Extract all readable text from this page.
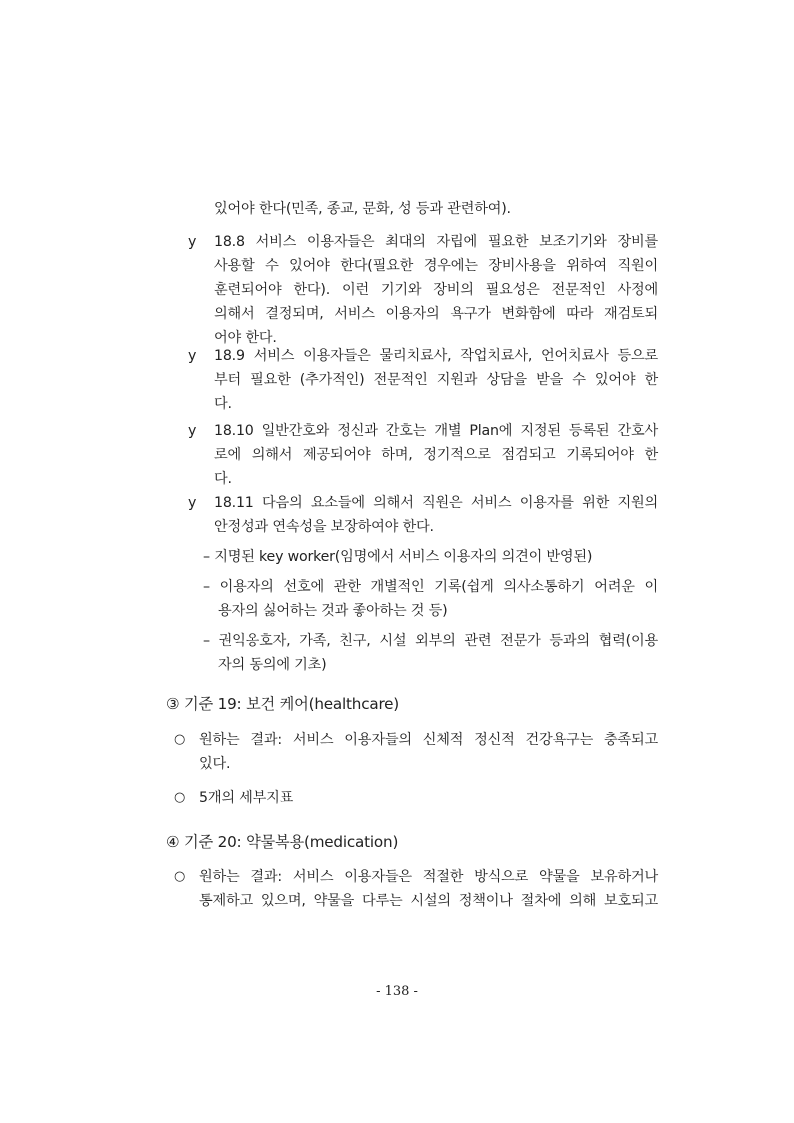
있어야 한다(민족, 종교, 문화, 성 등과 관련하여).
y 18.8 서비스 이용자들은 최대의 자립에 필요한 보조기기와 장비를
사용할 수 있어야 한다(필요한 경우에는 장비사용을 위하여 직원이
훈련되어야 한다). 이런 기기와 장비의 필요성은 전문적인 사정에
의해서 결정되며, 서비스 이용자의 욕구가 변화함에 따라 재검토되
어야 한다.
y 18.9 서비스 이용자들은 물리치료사, 작업치료사, 언어치료사 등으로
부터 필요한 (추가적인) 전문적인 지원과 상담을 받을 수 있어야 한
다.
y 18.10 일반간호와 정신과 간호는 개별 Plan에 지정된 등록된 간호사
로에 의해서 제공되어야 하며, 정기적으로 점검되고 기록되어야 한
다.
y 18.11 다음의 요소들에 의해서 직원은 서비스 이용자를 위한 지원의
안정성과 연속성을 보장하여야 한다.
– 지명된 key worker(임명에서 서비스 이용자의 의견이 반영된)
– 이용자의 선호에 관한 개별적인 기록(쉽게 의사소통하기 어려운 이
용자의 싫어하는 것과 좋아하는 것 등)
– 권익옹호자, 가족, 친구, 시설 외부의 관련 전문가 등과의 협력(이용
자의 동의에 기초)
③ 기준 19: 보건 케어(healthcare)
○ 원하는 결과: 서비스 이용자들의 신체적 정신적 건강욕구는 충족되고
있다.
○ 5개의 세부지표
④ 기준 20: 약물복용(medication)
○ 원하는 결과: 서비스 이용자들은 적절한 방식으로 약물을 보유하거나
통제하고 있으며, 약물을 다루는 시설의 정책이나 절차에 의해 보호되고
- 138 -
